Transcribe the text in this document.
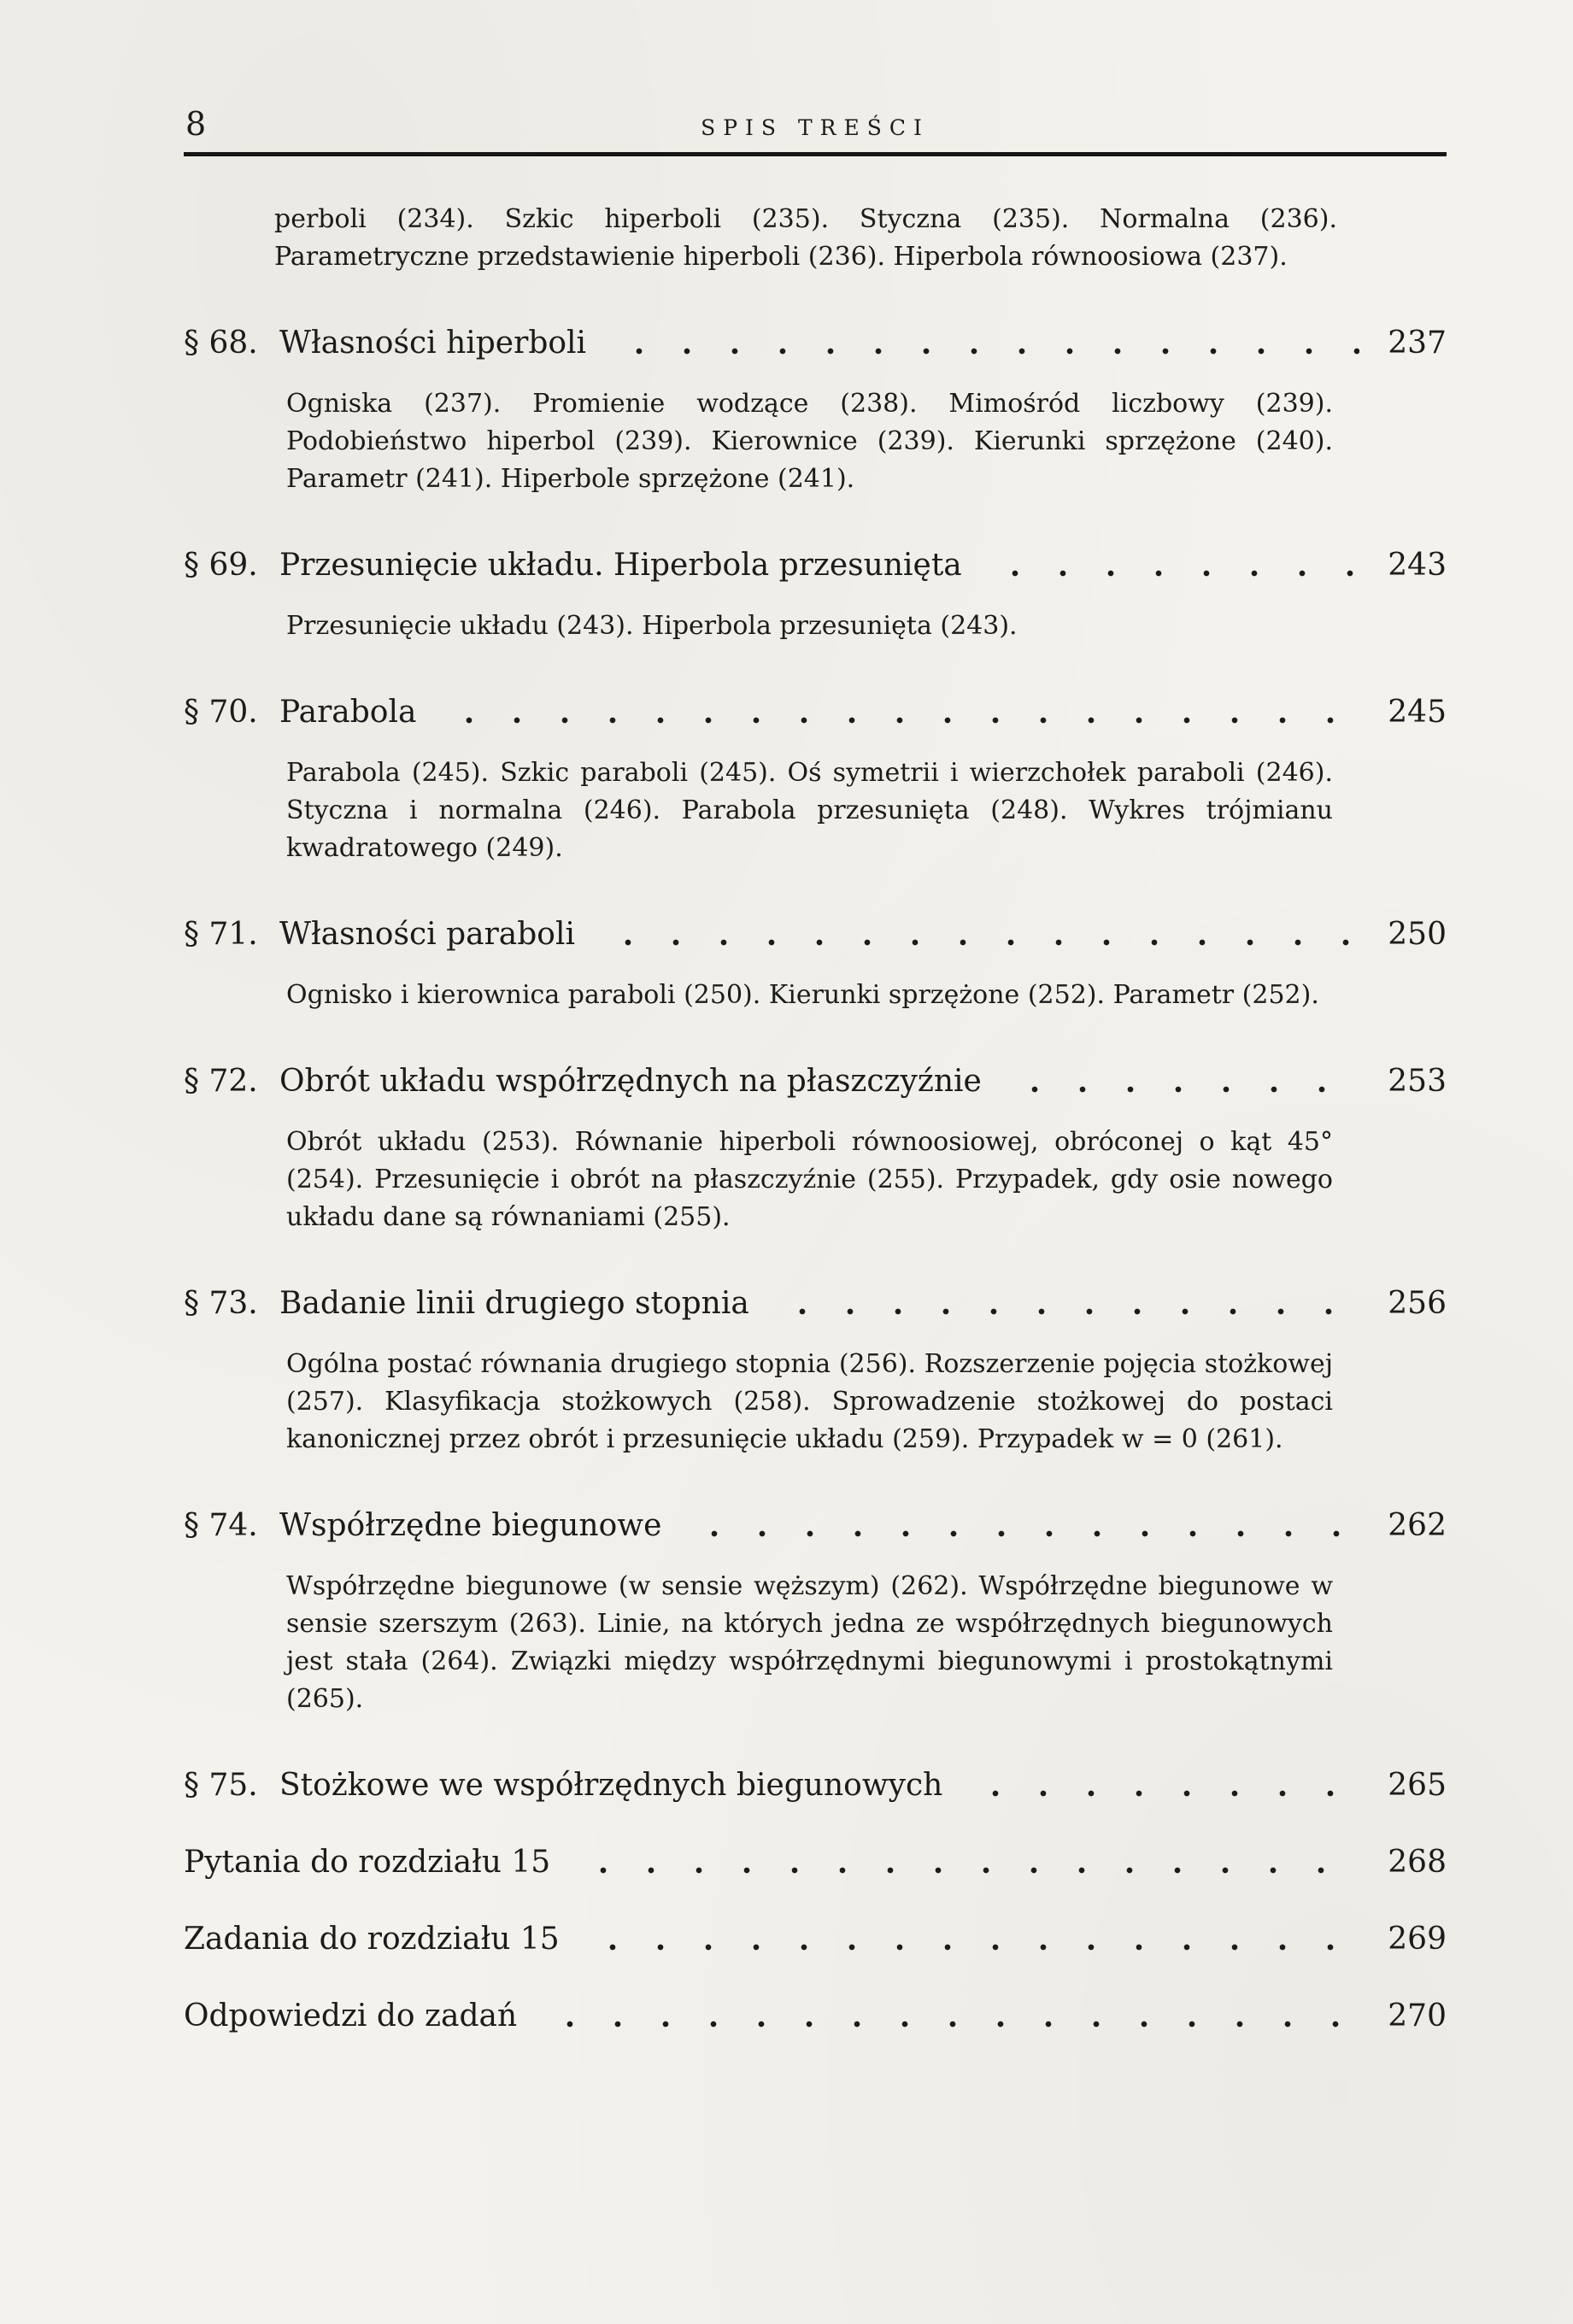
8	SPIS TREŚCI

perboli (234). Szkic hiperboli (235). Styczna (235). Normalna (236). Parametryczne przedstawienie hiperboli (236). Hiperbola równoosiowa (237).

§ 68. Własności hiperboli	237

Ogniska (237). Promienie wodzące (238). Mimośród liczbowy (239). Podobieństwo hiperbol (239). Kierownice (239). Kierunki sprzężone (240). Parametr (241). Hiperbole sprzężone (241).

§ 69. Przesunięcie układu. Hiperbola przesunięta	243

Przesunięcie układu (243). Hiperbola przesunięta (243).

§ 70. Parabola	245

Parabola (245). Szkic paraboli (245). Oś symetrii i wierzchołek paraboli (246). Styczna i normalna (246). Parabola przesunięta (248). Wykres trójmianu kwadratowego (249).

§ 71. Własności paraboli	250

Ognisko i kierownica paraboli (250). Kierunki sprzężone (252). Parametr (252).

§ 72. Obrót układu współrzędnych na płaszczyźnie	253

Obrót układu (253). Równanie hiperboli równoosiowej, obróconej o kąt 45° (254). Przesunięcie i obrót na płaszczyźnie (255). Przypadek, gdy osie nowego układu dane są równaniami (255).

§ 73. Badanie linii drugiego stopnia	256

Ogólna postać równania drugiego stopnia (256). Rozszerzenie pojęcia stożkowej (257). Klasyfikacja stożkowych (258). Sprowadzenie stożkowej do postaci kanonicznej przez obrót i przesunięcie układu (259). Przypadek w = 0 (261).

§ 74. Współrzędne biegunowe	262

Współrzędne biegunowe (w sensie węższym) (262). Współrzędne biegunowe w sensie szerszym (263). Linie, na których jedna ze współrzędnych biegunowych jest stała (264). Związki między współrzędnymi biegunowymi i prostokątnymi (265).

§ 75. Stożkowe we współrzędnych biegunowych	265
Pytania do rozdziału 15	268
Zadania do rozdziału 15	269
Odpowiedzi do zadań	270
